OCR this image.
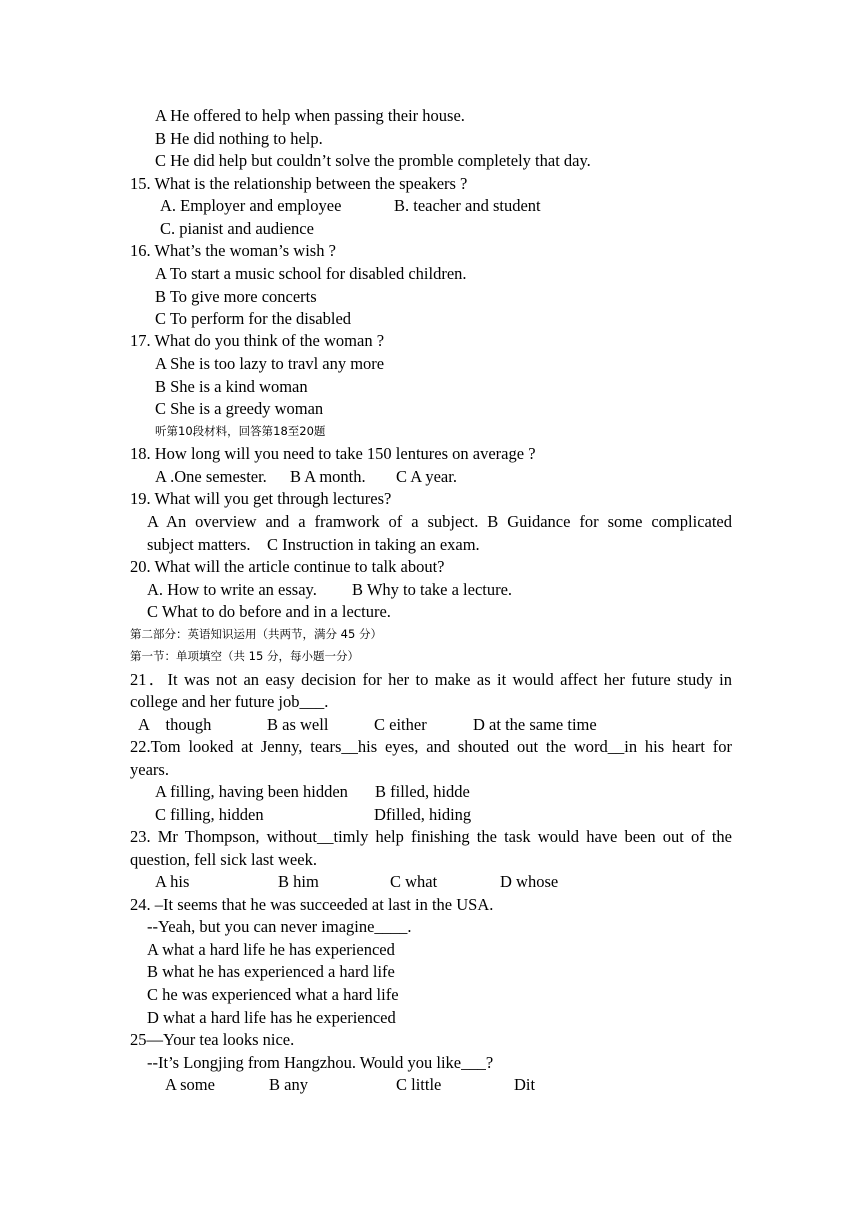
A He offered to help when passing their house.
B He did nothing to help.
C He did help but couldn’t solve the promble completely that day.
15. What is the relationship between the speakers ?
A. Employer and employee	B. teacher and student
C. pianist and audience
16. What’s the woman’s wish ?
A To start a music school for disabled children.
B To give more concerts
C To perform for the disabled
17. What do you think of the woman ?
A She is too lazy to travl any more
B She is a kind woman
C She is a greedy woman
听第10段材料，回答第18至20题
18. How long will you need to take 150 lentures on average ?
A .One semester. B A month. C A year.
19. What will you get through lectures?
A An overview and a framwork of a subject. B Guidance for some complicated
subject matters.    C Instruction in taking an exam.
20. What will the article continue to talk about?
A. How to write an essay. B Why to take a lecture.
C What to do before and in a lecture.
第二部分：英语知识运用（共两节，满分 45 分）
第一节：单项填空（共 15 分，每小题一分）
21．It was not an easy decision for her to make as it would affect her future study in
college and her future job___.
A    though	B as well	C either	D at the same time
22.Tom looked at Jenny, tears__his eyes, and shouted out the word__in his heart for
years.
A filling, having been hidden B filled, hidde
C filling, hidden	Dfilled, hiding
23. Mr Thompson, without__timly help finishing the task would have been out of the
question, fell sick last week.
A his	B him	C what	D whose
24. –It seems that he was succeeded at last in the USA.
--Yeah, but you can never imagine____.
A what a hard life he has experienced
B what he has experienced a hard life
C he was experienced what a hard life
D what a hard life has he experienced
25—Your tea looks nice.
--It’s Longjing from Hangzhou. Would you like___?
A some	B any	C little	Dit
